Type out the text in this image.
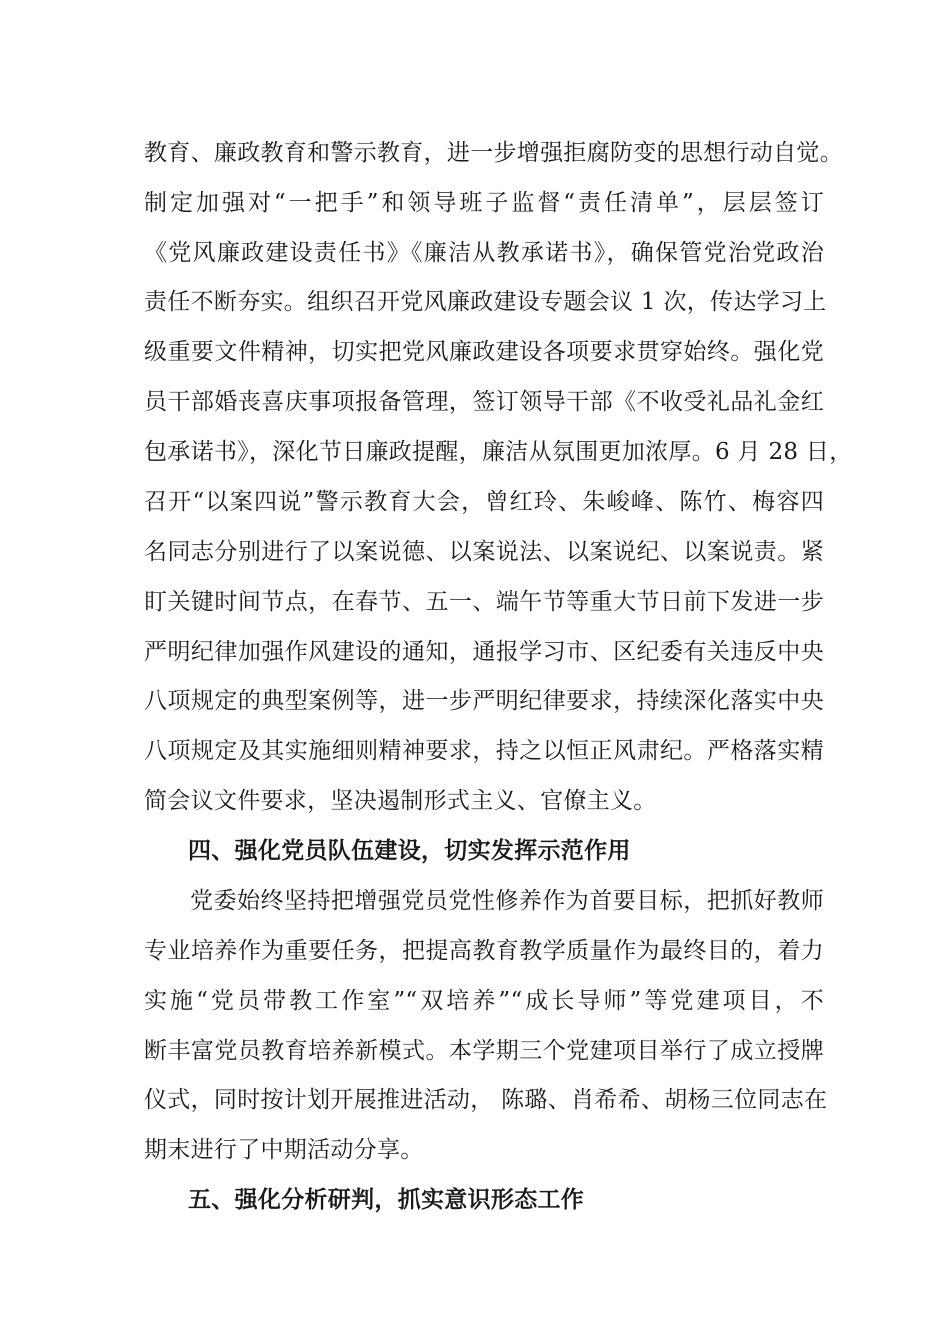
教育、廉政教育和警示教育，进一步增强拒腐防变的思想行动自觉。
制定加强对“一把手”和领导班子监督“责任清单”，层层签订
《党风廉政建设责任书》《廉洁从教承诺书》，确保管党治党政治
责任不断夯实。组织召开党风廉政建设专题会议 1 次，传达学习上
级重要文件精神，切实把党风廉政建设各项要求贯穿始终。强化党
员干部婚丧喜庆事项报备管理，签订领导干部《不收受礼品礼金红
包承诺书》，深化节日廉政提醒，廉洁从氛围更加浓厚。6 月 28 日，
召开“以案四说”警示教育大会，曾红玲、朱峻峰、陈竹、梅容四
名同志分别进行了以案说德、以案说法、以案说纪、以案说责。紧
盯关键时间节点，在春节、五一、端午节等重大节日前下发进一步
严明纪律加强作风建设的通知，通报学习市、区纪委有关违反中央
八项规定的典型案例等，进一步严明纪律要求，持续深化落实中央
八项规定及其实施细则精神要求，持之以恒正风肃纪。严格落实精
简会议文件要求，坚决遏制形式主义、官僚主义。
四、强化党员队伍建设，切实发挥示范作用
党委始终坚持把增强党员党性修养作为首要目标，把抓好教师
专业培养作为重要任务，把提高教育教学质量作为最终目的，着力
实施“党员带教工作室”“双培养”“成长导师”等党建项目，不
断丰富党员教育培养新模式。本学期三个党建项目举行了成立授牌
仪式，同时按计划开展推进活动， 陈璐、肖希希、胡杨三位同志在
期末进行了中期活动分享。
五、强化分析研判，抓实意识形态工作
